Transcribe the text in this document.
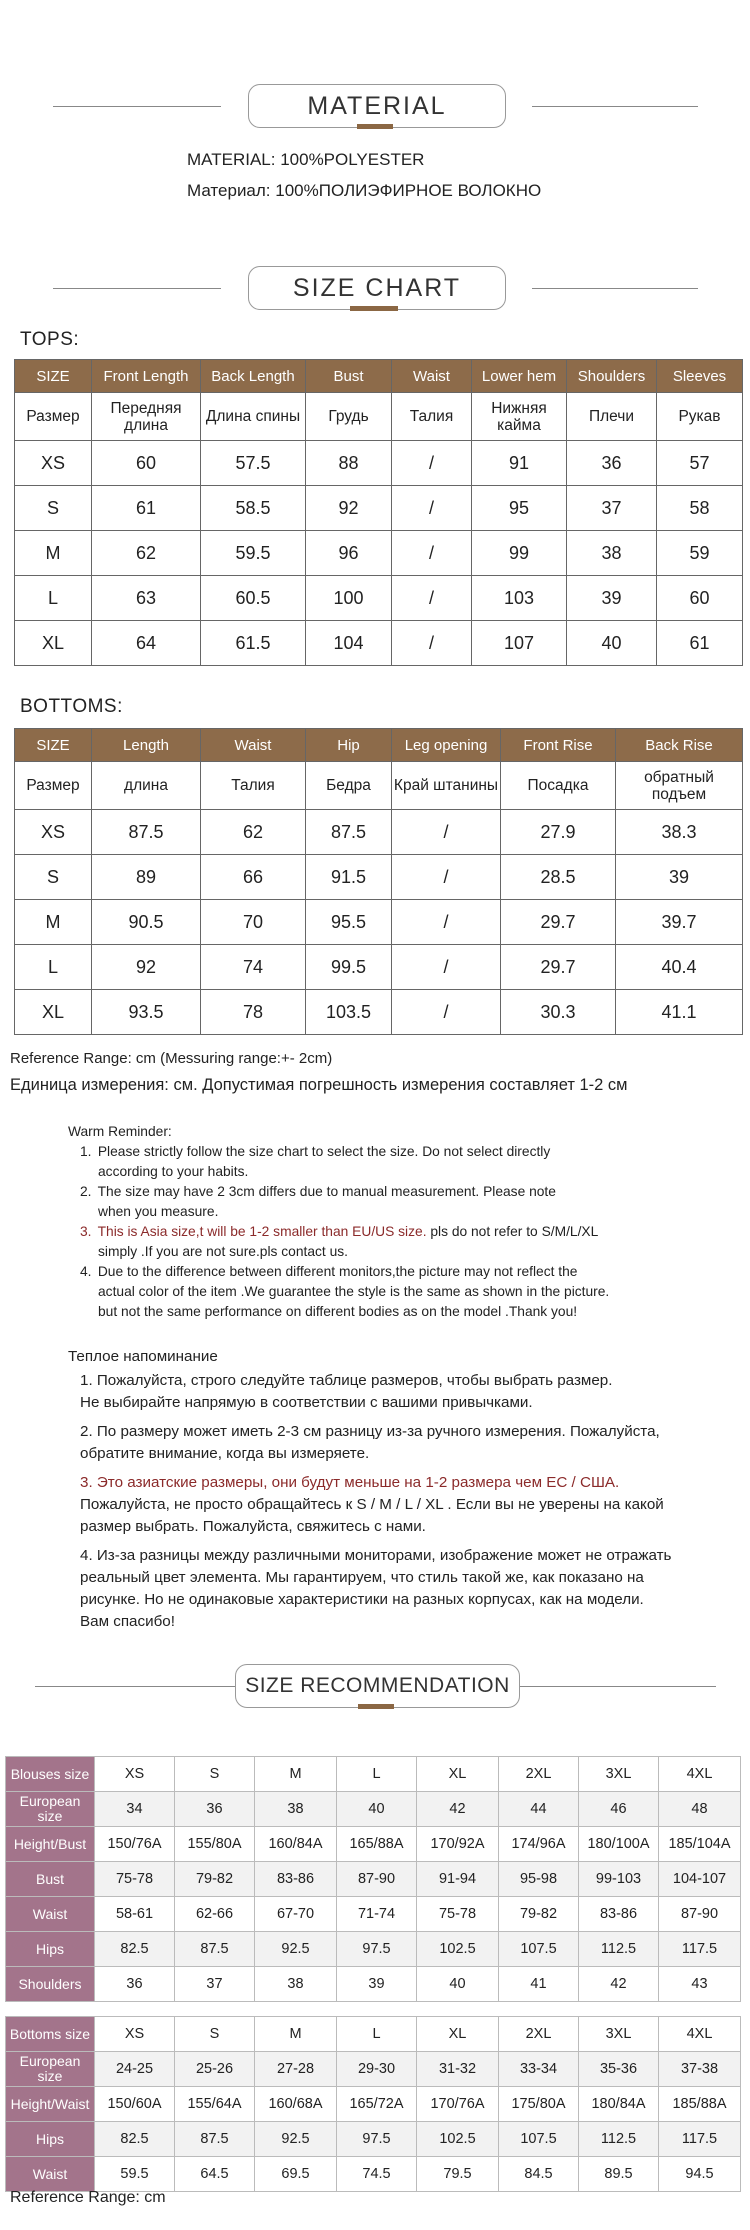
MATERIAL
MATERIAL: 100%POLYESTER
Материал: 100%ПОЛИЭФИРНОЕ ВОЛОКНО
SIZE CHART
TOPS:
SIZE	Front Length	Back Length	Bust	Waist	Lower hem	Shoulders	Sleeves
Размер	Передняя длина	Длина спины	Грудь	Талия	Нижняя кайма	Плечи	Рукав
XS	60	57.5	88	/	91	36	57
S	61	58.5	92	/	95	37	58
M	62	59.5	96	/	99	38	59
L	63	60.5	100	/	103	39	60
XL	64	61.5	104	/	107	40	61
BOTTOMS:
SIZE	Length	Waist	Hip	Leg opening	Front Rise	Back Rise
Размер	длина	Талия	Бедра	Край штанины	Посадка	обратный подъем
XS	87.5	62	87.5	/	27.9	38.3
S	89	66	91.5	/	28.5	39
M	90.5	70	95.5	/	29.7	39.7
L	92	74	99.5	/	29.7	40.4
XL	93.5	78	103.5	/	30.3	41.1
Reference Range: cm (Messuring range:+- 2cm)
Единица измерения: см. Допустимая погрешность измерения составляет 1-2 см
Warm Reminder:
1. Please strictly follow the size chart to select the size. Do not select directly
according to your habits.
2. The size may have 2 3cm differs due to manual measurement. Please note
when you measure.
3. This is Asia size,t will be 1-2 smaller than EU/US size. pls do not refer to S/M/L/XL
simply .If you are not sure.pls contact us.
4. Due to the difference between different monitors,the picture may not reflect the
actual color of the item .We guarantee the style is the same as shown in the picture.
but not the same performance on different bodies as on the model .Thank you!
Теплое напоминание
1. Пожалуйста, строго следуйте таблице размеров, чтобы выбрать размер.
Не выбирайте напрямую в соответствии с вашими привычками.
2. По размеру может иметь 2-3 см разницу из-за ручного измерения. Пожалуйста,
обратите внимание, когда вы измеряете.
3. Это азиатские размеры, они будут меньше на 1-2 размера чем ЕС / США.
Пожалуйста, не просто обращайтесь к S / M / L / XL . Если вы не уверены на какой
размер выбрать. Пожалуйста, свяжитесь с нами.
4. Из-за разницы между различными мониторами, изображение может не отражать
реальный цвет элемента. Мы гарантируем, что стиль такой же, как показано на
рисунке. Но не одинаковые характеристики на разных корпусах, как на модели.
Вам спасибо!
SIZE RECOMMENDATION
Blouses size	XS	S	M	L	XL	2XL	3XL	4XL
European size	34	36	38	40	42	44	46	48
Height/Bust	150/76A	155/80A	160/84A	165/88A	170/92A	174/96A	180/100A	185/104A
Bust	75-78	79-82	83-86	87-90	91-94	95-98	99-103	104-107
Waist	58-61	62-66	67-70	71-74	75-78	79-82	83-86	87-90
Hips	82.5	87.5	92.5	97.5	102.5	107.5	112.5	117.5
Shoulders	36	37	38	39	40	41	42	43
Bottoms size	XS	S	M	L	XL	2XL	3XL	4XL
European size	24-25	25-26	27-28	29-30	31-32	33-34	35-36	37-38
Height/Waist	150/60A	155/64A	160/68A	165/72A	170/76A	175/80A	180/84A	185/88A
Hips	82.5	87.5	92.5	97.5	102.5	107.5	112.5	117.5
Waist	59.5	64.5	69.5	74.5	79.5	84.5	89.5	94.5
Reference Range: cm
